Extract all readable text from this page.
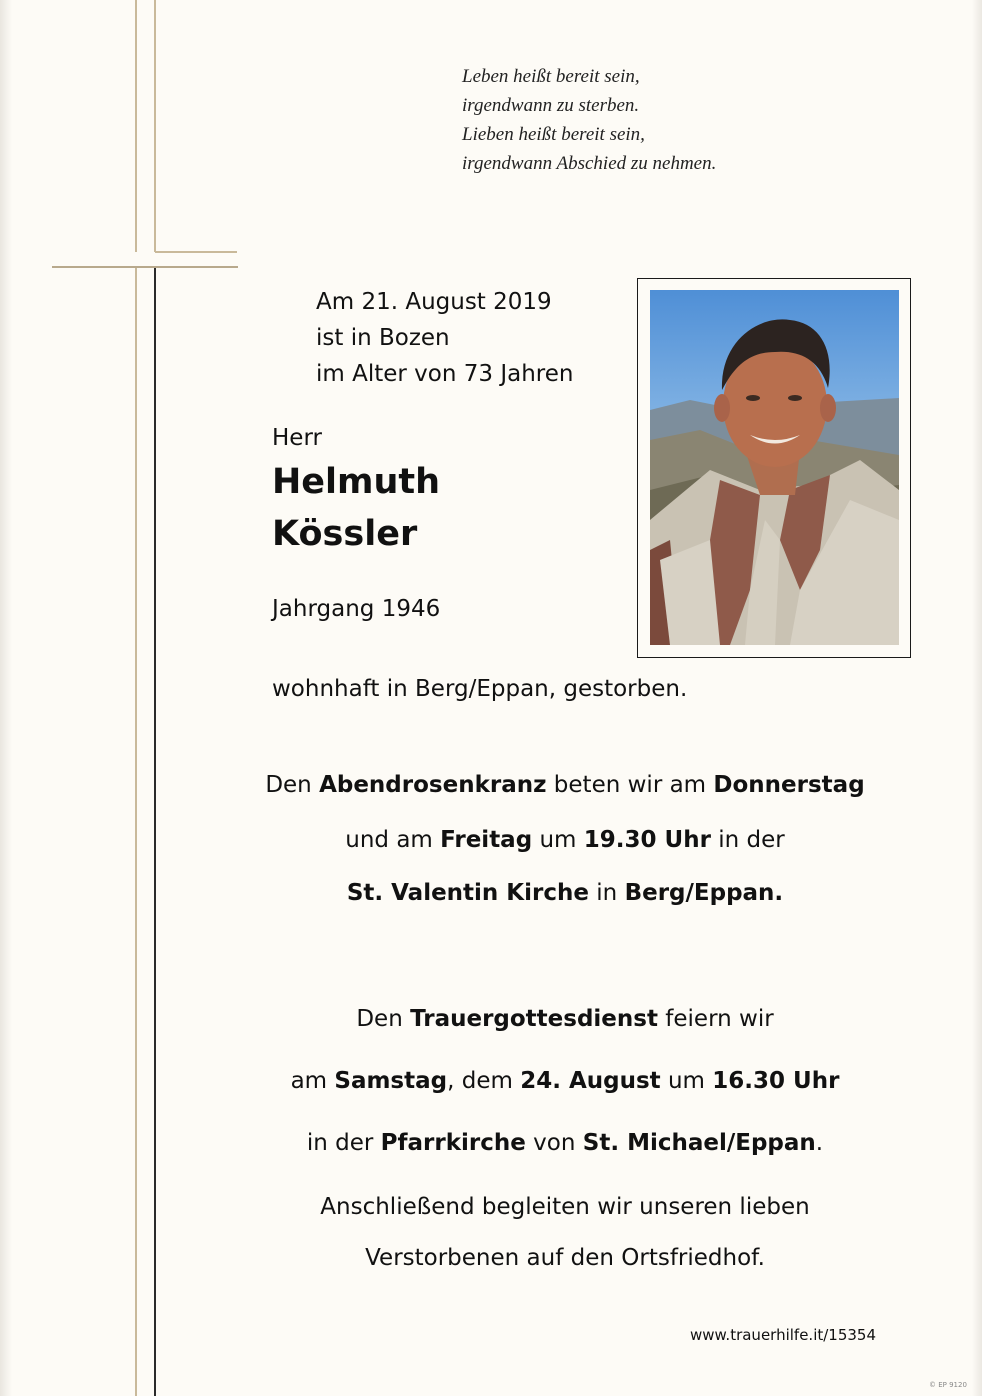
Leben heißt bereit sein,
irgendwann zu sterben.
Lieben heißt bereit sein,
irgendwann Abschied zu nehmen.
Am 21. August 2019
ist in Bozen
im Alter von 73 Jahren
Herr
Helmuth
Kössler
Jahrgang 1946
wohnhaft in Berg/Eppan, gestorben.
Den Abendrosenkranz beten wir am Donnerstag
und am Freitag um 19.30 Uhr in der
St. Valentin Kirche in Berg/Eppan.
Den Trauergottesdienst feiern wir
am Samstag, dem 24. August um 16.30 Uhr
in der Pfarrkirche von St. Michael/Eppan.
Anschließend begleiten wir unseren lieben
Verstorbenen auf den Ortsfriedhof.
www.trauerhilfe.it/15354
© EP 9120
